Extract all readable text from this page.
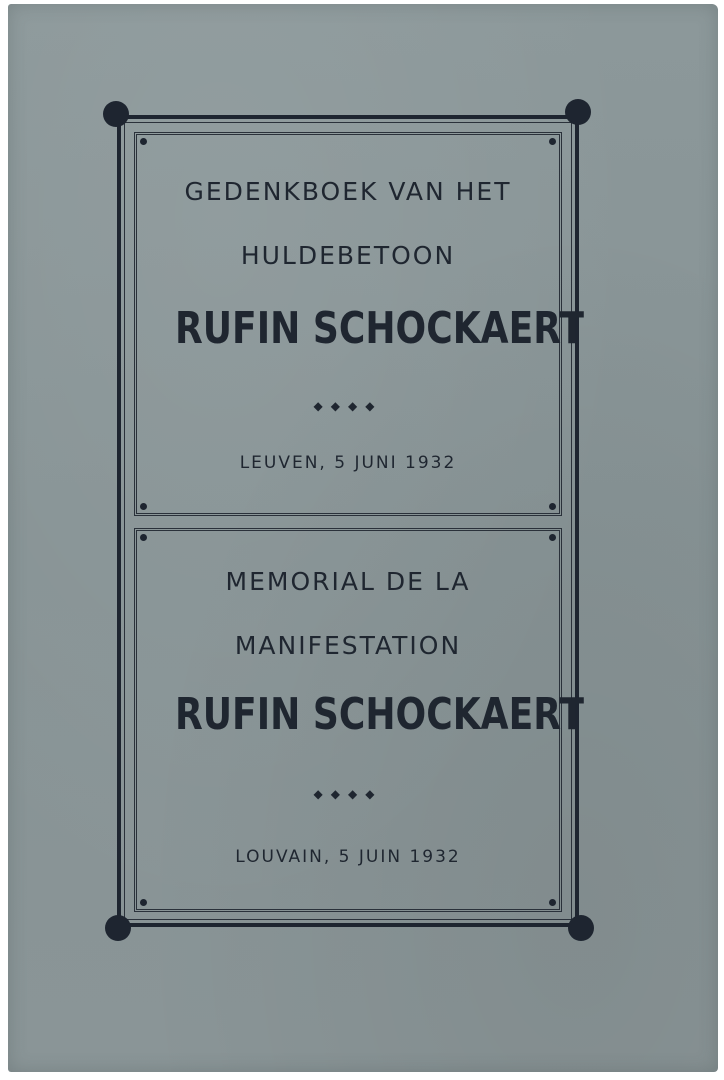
GEDENKBOEK VAN HET
HULDEBETOON
RUFIN SCHOCKAERT
◆◆◆◆
LEUVEN, 5 JUNI 1932
MEMORIAL DE LA
MANIFESTATION
RUFIN SCHOCKAERT
◆◆◆◆
LOUVAIN, 5 JUIN 1932
